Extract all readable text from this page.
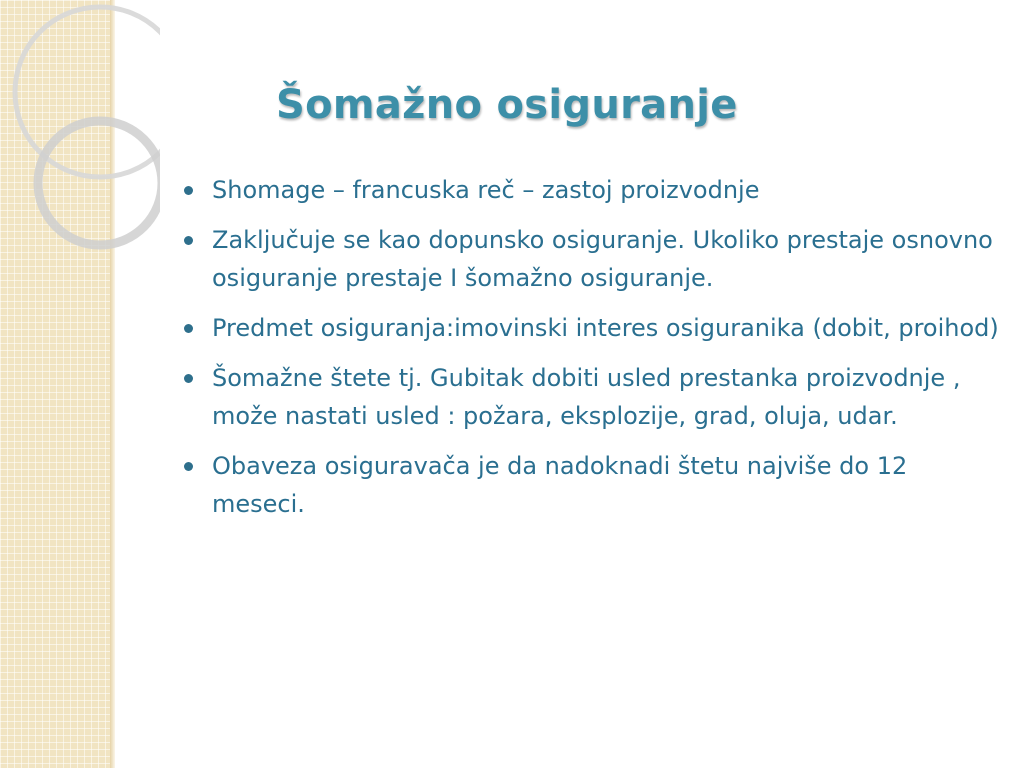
Šomažno osiguranje
Shomage – francuska reč – zastoj proizvodnje
Zaključuje se kao dopunsko osiguranje. Ukoliko prestaje osnovno osiguranje prestaje I šomažno osiguranje.
Predmet osiguranja:imovinski interes osiguranika (dobit, proihod)
Šomažne štete tj. Gubitak dobiti usled prestanka proizvodnje , može nastati usled : požara, eksplozije, grad, oluja, udar.
Obaveza osiguravača je da nadoknadi štetu najviše do 12 meseci.
